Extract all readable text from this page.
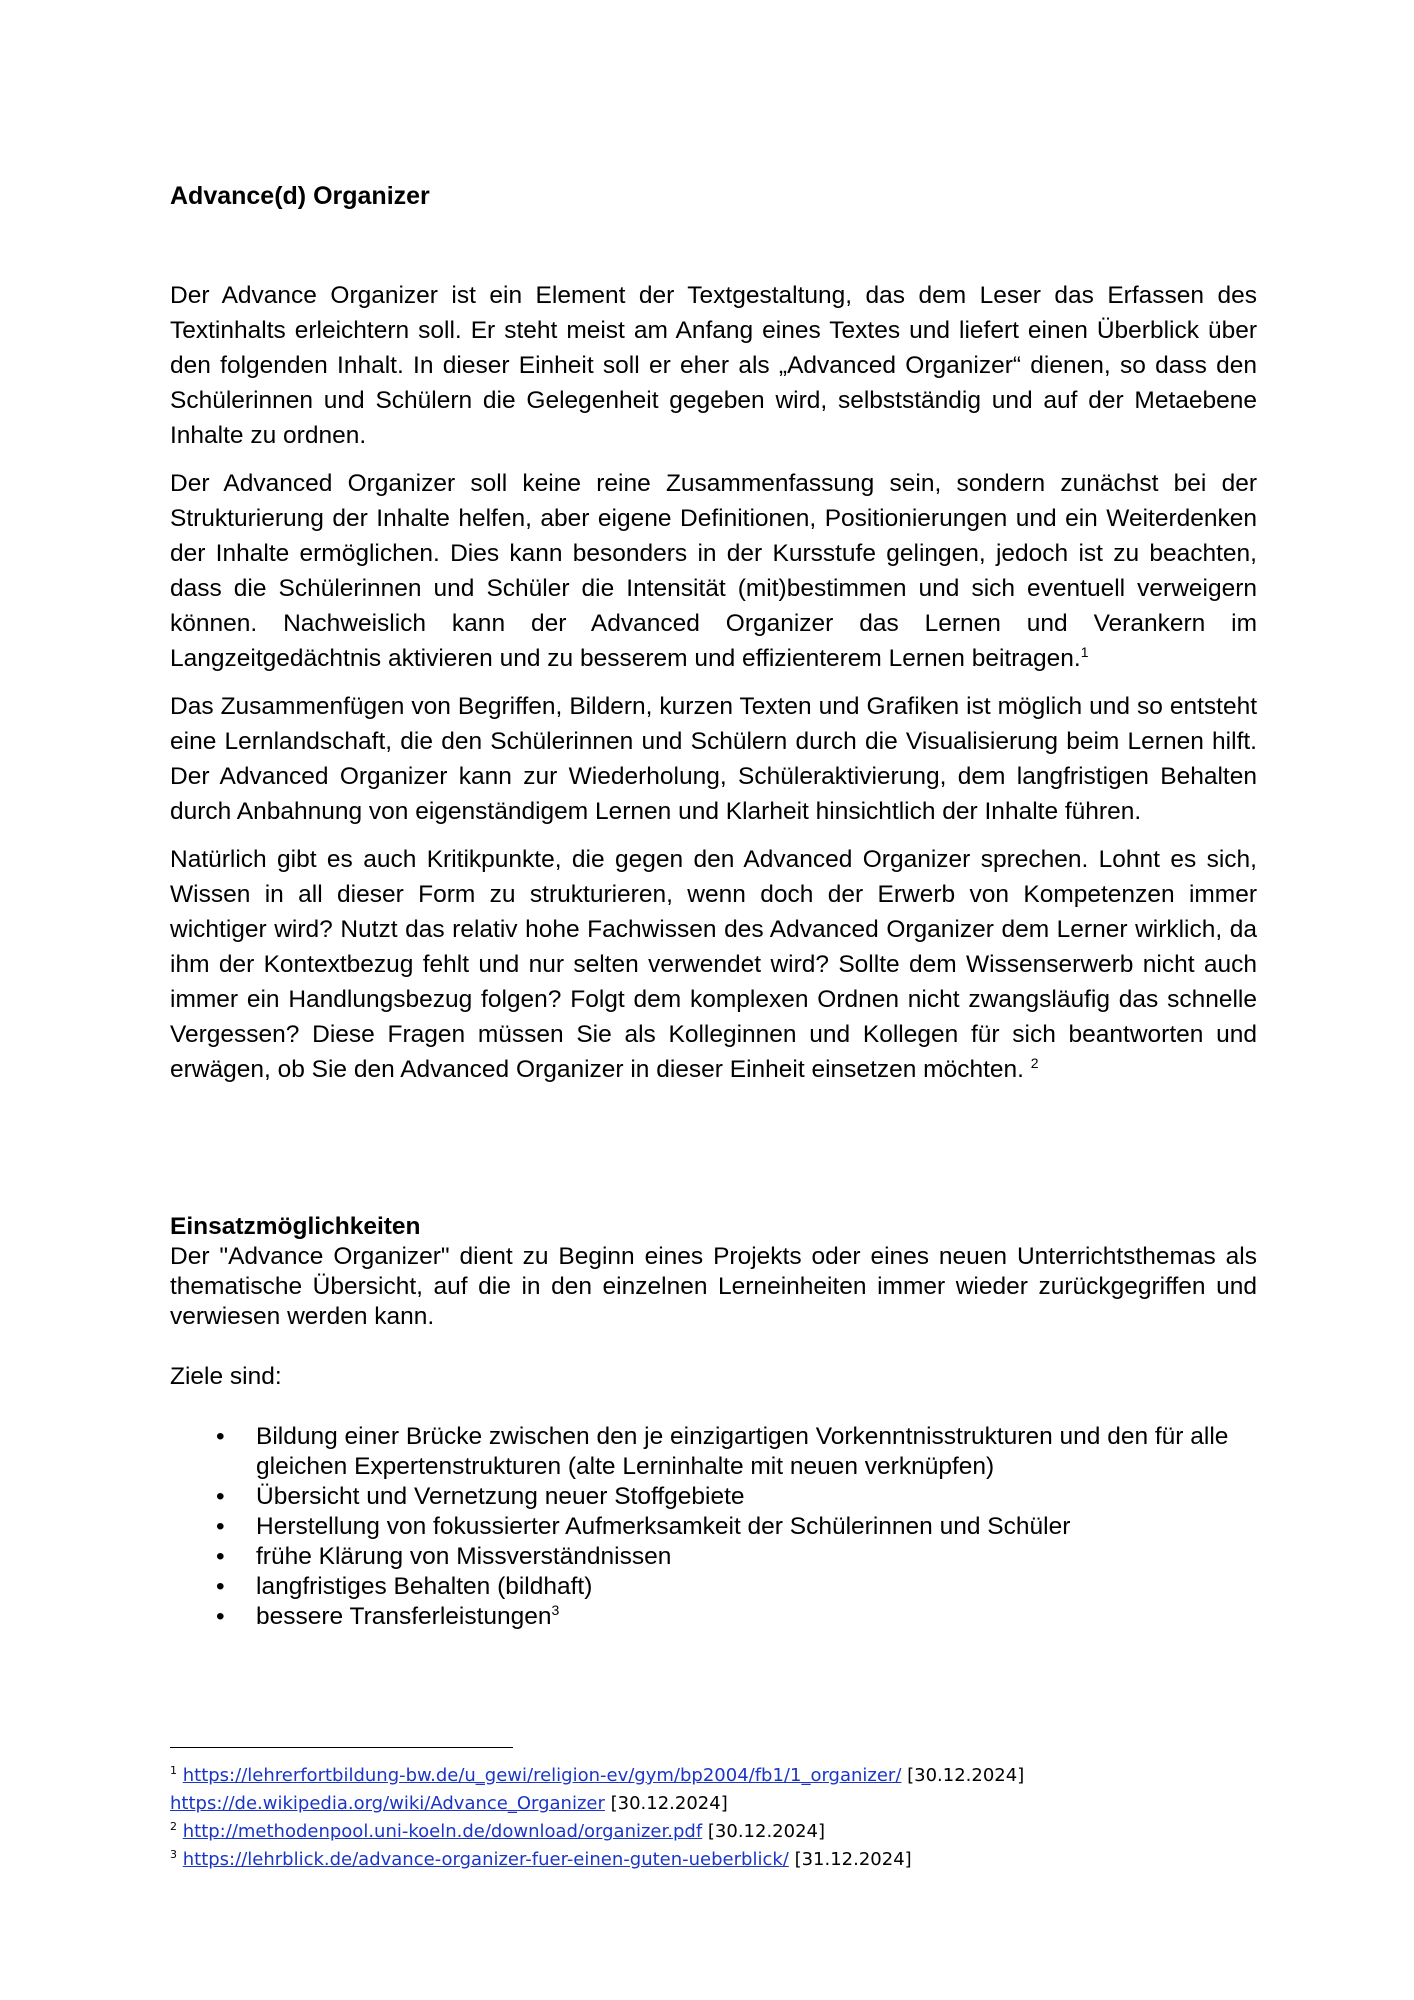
Advance(d) Organizer

Der Advance Organizer ist ein Element der Textgestaltung, das dem Leser das Erfassen des Textinhalts erleichtern soll. Er steht meist am Anfang eines Textes und liefert einen Überblick über den folgenden Inhalt. In dieser Einheit soll er eher als „Advanced Organizer“ dienen, so dass den Schülerinnen und Schülern die Gelegenheit gegeben wird, selbstständig und auf der Metaebene Inhalte zu ordnen.

Der Advanced Organizer soll keine reine Zusammenfassung sein, sondern zunächst bei der Strukturierung der Inhalte helfen, aber eigene Definitionen, Positionierungen und ein Weiterdenken der Inhalte ermöglichen. Dies kann besonders in der Kursstufe gelingen, jedoch ist zu beachten, dass die Schülerinnen und Schüler die Intensität (mit)bestimmen und sich eventuell verweigern können. Nachweislich kann der Advanced Organizer das Lernen und Verankern im Langzeitgedächtnis aktivieren und zu besserem und effizienterem Lernen beitragen.$^1$

Das Zusammenfügen von Begriffen, Bildern, kurzen Texten und Grafiken ist möglich und so entsteht eine Lernlandschaft, die den Schülerinnen und Schülern durch die Visualisierung beim Lernen hilft. Der Advanced Organizer kann zur Wiederholung, Schüleraktivierung, dem langfristigen Behalten durch Anbahnung von eigenständigem Lernen und Klarheit hinsichtlich der Inhalte führen.

Natürlich gibt es auch Kritikpunkte, die gegen den Advanced Organizer sprechen. Lohnt es sich, Wissen in all dieser Form zu strukturieren, wenn doch der Erwerb von Kompetenzen immer wichtiger wird? Nutzt das relativ hohe Fachwissen des Advanced Organizer dem Lerner wirklich, da ihm der Kontextbezug fehlt und nur selten verwendet wird? Sollte dem Wissenserwerb nicht auch immer ein Handlungsbezug folgen? Folgt dem komplexen Ordnen nicht zwangsläufig das schnelle Vergessen? Diese Fragen müssen Sie als Kolleginnen und Kollegen für sich beantworten und erwägen, ob Sie den Advanced Organizer in dieser Einheit einsetzen möchten. $^2$

Einsatzmöglichkeiten

Der "Advance Organizer" dient zu Beginn eines Projekts oder eines neuen Unterrichtsthemas als thematische Übersicht, auf die in den einzelnen Lerneinheiten immer wieder zurückgegriffen und verwiesen werden kann.

Ziele sind:

• Bildung einer Brücke zwischen den je einzigartigen Vorkenntnisstrukturen und den für alle gleichen Expertenstrukturen (alte Lerninhalte mit neuen verknüpfen)
• Übersicht und Vernetzung neuer Stoffgebiete
• Herstellung von fokussierter Aufmerksamkeit der Schülerinnen und Schüler
• frühe Klärung von Missverständnissen
• langfristiges Behalten (bildhaft)
• bessere Transferleistungen$^3$
$^1$ https://lehrerfortbildung-bw.de/u_gewi/religion-ev/gym/bp2004/fb1/1_organizer/ [30.12.2024]
https://de.wikipedia.org/wiki/Advance_Organizer [30.12.2024]
$^2$ http://methodenpool.uni-koeln.de/download/organizer.pdf [30.12.2024]
$^3$ https://lehrblick.de/advance-organizer-fuer-einen-guten-ueberblick/ [31.12.2024]
